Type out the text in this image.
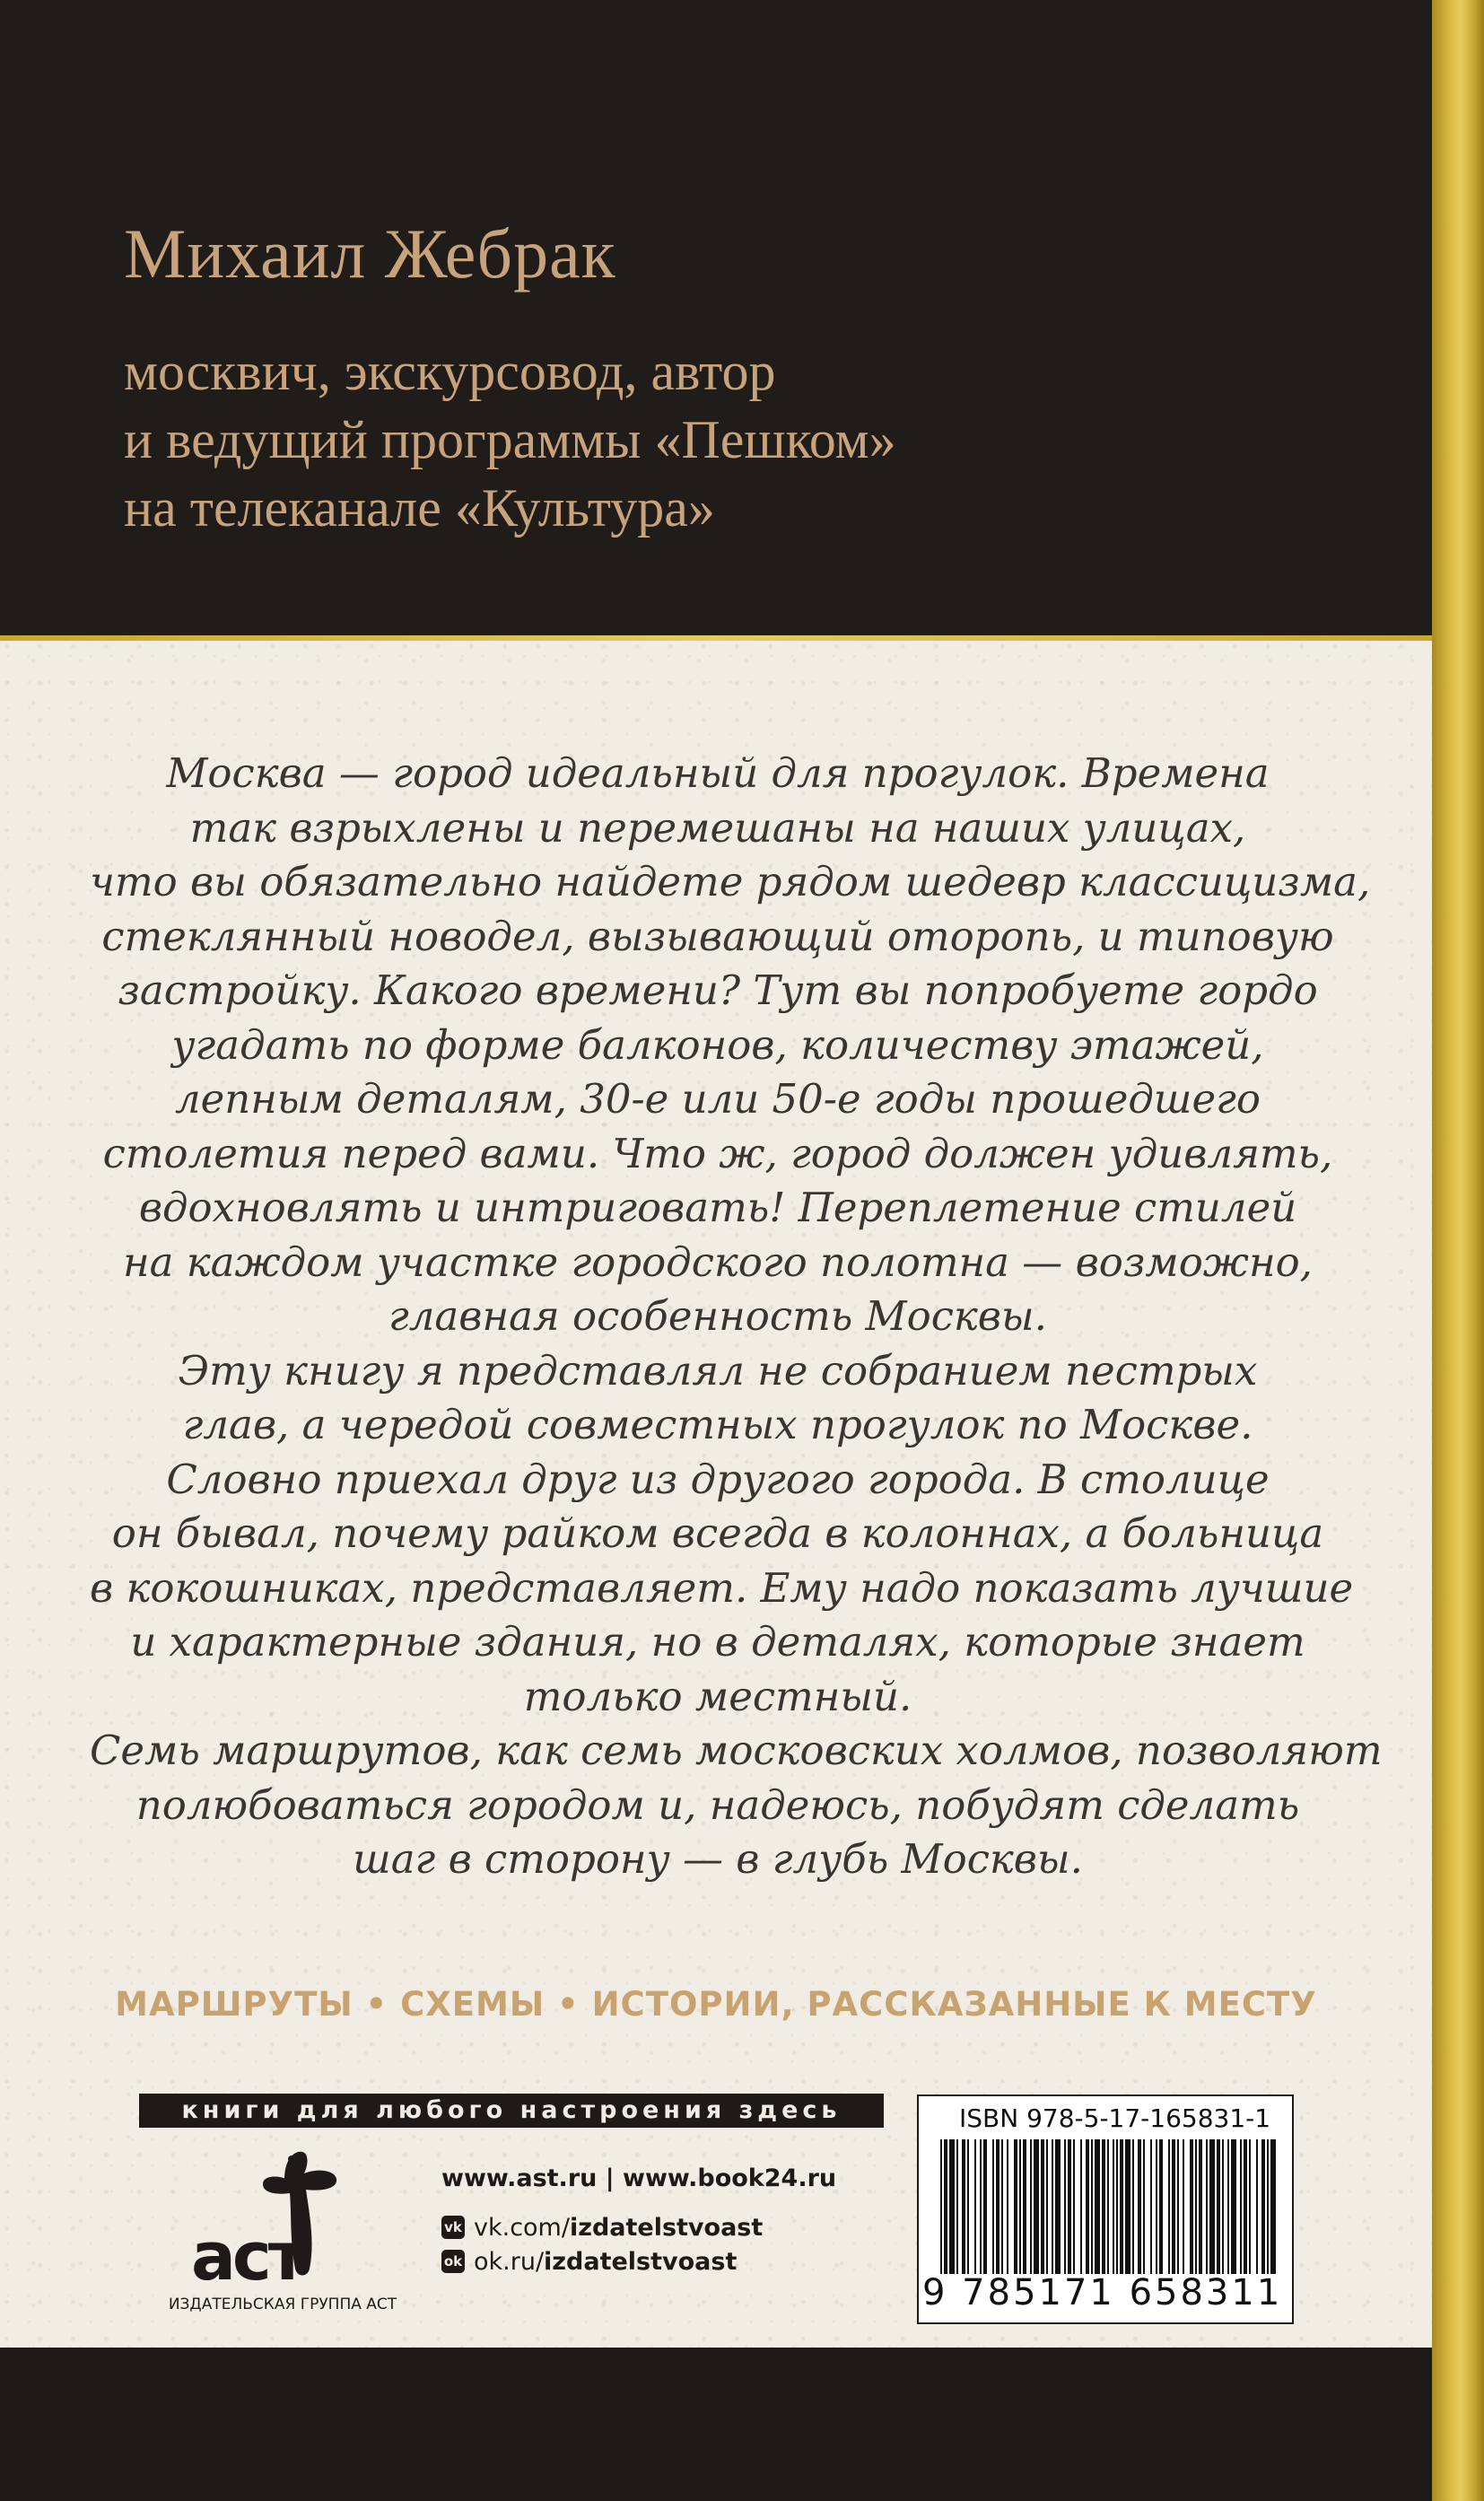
Михаил Жебрак
москвич, экскурсовод, автор
и ведущий программы «Пешком»
на телеканале «Культура»
Москва — город идеальный для прогулок. Времена
так взрыхлены и перемешаны на наших улицах,
что вы обязательно найдете рядом шедевр классицизма,
стеклянный новодел, вызывающий оторопь, и типовую
застройку. Какого времени? Тут вы попробуете гордо
угадать по форме балконов, количеству этажей,
лепным деталям, 30-е или 50-е годы прошедшего
столетия перед вами. Что ж, город должен удивлять,
вдохновлять и интриговать! Переплетение стилей
на каждом участке городского полотна — возможно,
главная особенность Москвы.
Эту книгу я представлял не собранием пестрых
глав, а чередой совместных прогулок по Москве.
Словно приехал друг из другого города. В столице
он бывал, почему райком всегда в колоннах, а больница
в кокошниках, представляет. Ему надо показать лучшие
и характерные здания, но в деталях, которые знает
только местный.
Семь маршрутов, как семь московских холмов, позволяют
полюбоваться городом и, надеюсь, побудят сделать
шаг в сторону — в глубь Москвы.
МАРШРУТЫ • СХЕМЫ • ИСТОРИИ, РАССКАЗАННЫЕ К МЕСТУ
книги для любого настроения здесь
аст
ИЗДАТЕЛЬСКАЯ ГРУППА АСТ
www.ast.ru | www.book24.ru
vk vk.com/ izdatelstvoast
ok ok.ru/ izdatelstvoast
ISBN 978-5-17-165831-1
9 785171 658311
